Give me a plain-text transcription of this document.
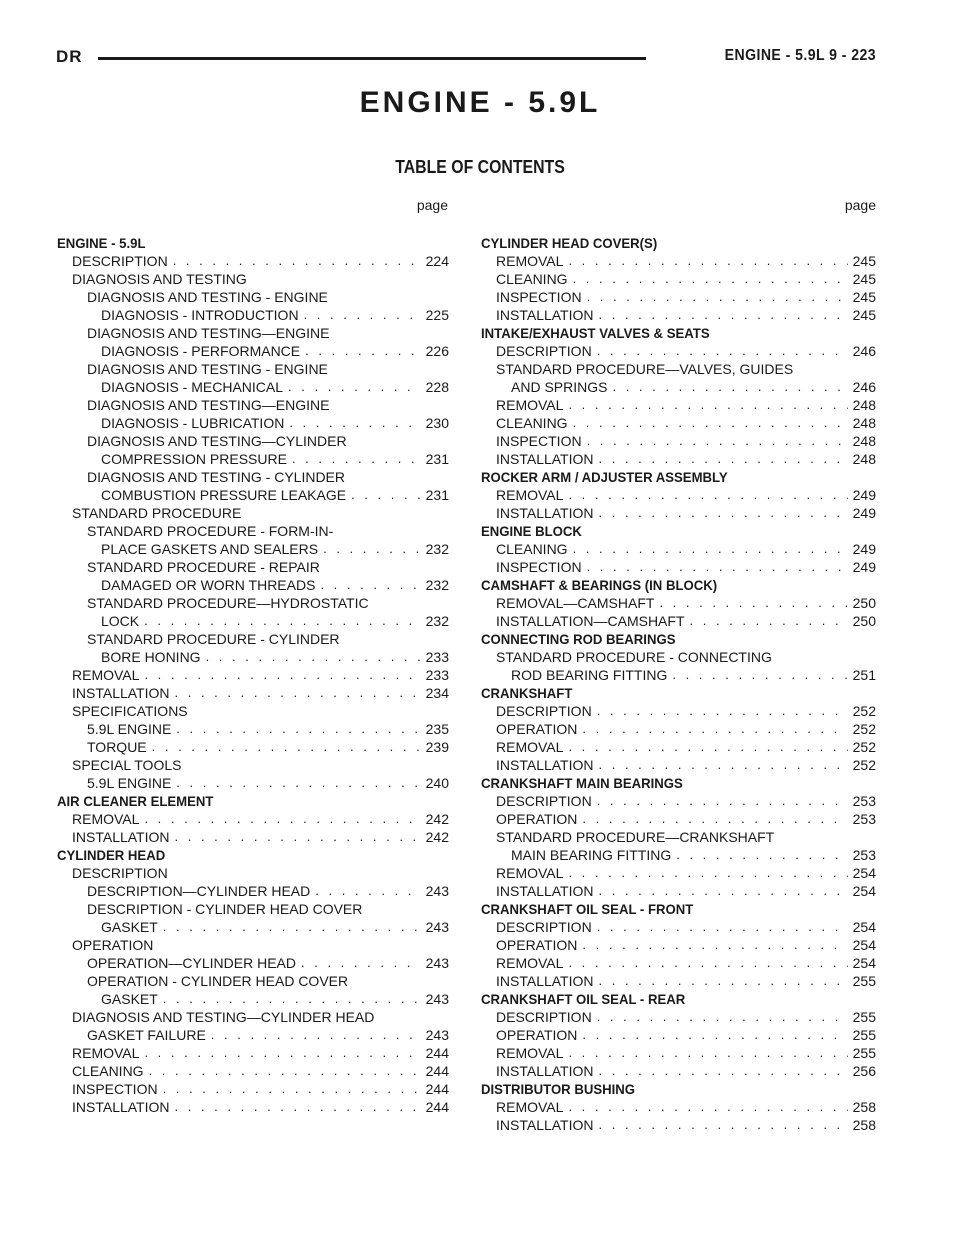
DR	ENGINE - 5.9L 9 - 223
ENGINE - 5.9L
TABLE OF CONTENTS
page	page
ENGINE - 5.9L
DESCRIPTION . . .	224
DIAGNOSIS AND TESTING
DIAGNOSIS AND TESTING - ENGINE
DIAGNOSIS - INTRODUCTION . . .	225
DIAGNOSIS AND TESTING—ENGINE
DIAGNOSIS - PERFORMANCE . . .	226
DIAGNOSIS AND TESTING - ENGINE
DIAGNOSIS - MECHANICAL . . .	228
DIAGNOSIS AND TESTING—ENGINE
DIAGNOSIS - LUBRICATION . . .	230
DIAGNOSIS AND TESTING—CYLINDER
COMPRESSION PRESSURE . . .	231
DIAGNOSIS AND TESTING - CYLINDER
COMBUSTION PRESSURE LEAKAGE . . .	231
STANDARD PROCEDURE
STANDARD PROCEDURE - FORM-IN-
PLACE GASKETS AND SEALERS . . .	232
STANDARD PROCEDURE - REPAIR
DAMAGED OR WORN THREADS . . .	232
STANDARD PROCEDURE—HYDROSTATIC
LOCK . . .	232
STANDARD PROCEDURE - CYLINDER
BORE HONING . . .	233
REMOVAL . . .	233
INSTALLATION . . .	234
SPECIFICATIONS
5.9L ENGINE . . .	235
TORQUE . . .	239
SPECIAL TOOLS
5.9L ENGINE . . .	240
AIR CLEANER ELEMENT
REMOVAL . . .	242
INSTALLATION . . .	242
CYLINDER HEAD
DESCRIPTION
DESCRIPTION—CYLINDER HEAD . . .	243
DESCRIPTION - CYLINDER HEAD COVER
GASKET . . .	243
OPERATION
OPERATION—CYLINDER HEAD . . .	243
OPERATION - CYLINDER HEAD COVER
GASKET . . .	243
DIAGNOSIS AND TESTING—CYLINDER HEAD
GASKET FAILURE . . .	243
REMOVAL . . .	244
CLEANING . . .	244
INSPECTION . . .	244
INSTALLATION . . .	244
CYLINDER HEAD COVER(S)
REMOVAL . . .	245
CLEANING . . .	245
INSPECTION . . .	245
INSTALLATION . . .	245
INTAKE/EXHAUST VALVES & SEATS
DESCRIPTION . . .	246
STANDARD PROCEDURE—VALVES, GUIDES
AND SPRINGS . . .	246
REMOVAL . . .	248
CLEANING . . .	248
INSPECTION . . .	248
INSTALLATION . . .	248
ROCKER ARM / ADJUSTER ASSEMBLY
REMOVAL . . .	249
INSTALLATION . . .	249
ENGINE BLOCK
CLEANING . . .	249
INSPECTION . . .	249
CAMSHAFT & BEARINGS (IN BLOCK)
REMOVAL—CAMSHAFT . . .	250
INSTALLATION—CAMSHAFT . . .	250
CONNECTING ROD BEARINGS
STANDARD PROCEDURE - CONNECTING
ROD BEARING FITTING . . .	251
CRANKSHAFT
DESCRIPTION . . .	252
OPERATION . . .	252
REMOVAL . . .	252
INSTALLATION . . .	252
CRANKSHAFT MAIN BEARINGS
DESCRIPTION . . .	253
OPERATION . . .	253
STANDARD PROCEDURE—CRANKSHAFT
MAIN BEARING FITTING . . .	253
REMOVAL . . .	254
INSTALLATION . . .	254
CRANKSHAFT OIL SEAL - FRONT
DESCRIPTION . . .	254
OPERATION . . .	254
REMOVAL . . .	254
INSTALLATION . . .	255
CRANKSHAFT OIL SEAL - REAR
DESCRIPTION . . .	255
OPERATION . . .	255
REMOVAL . . .	255
INSTALLATION . . .	256
DISTRIBUTOR BUSHING
REMOVAL . . .	258
INSTALLATION . . .	258
